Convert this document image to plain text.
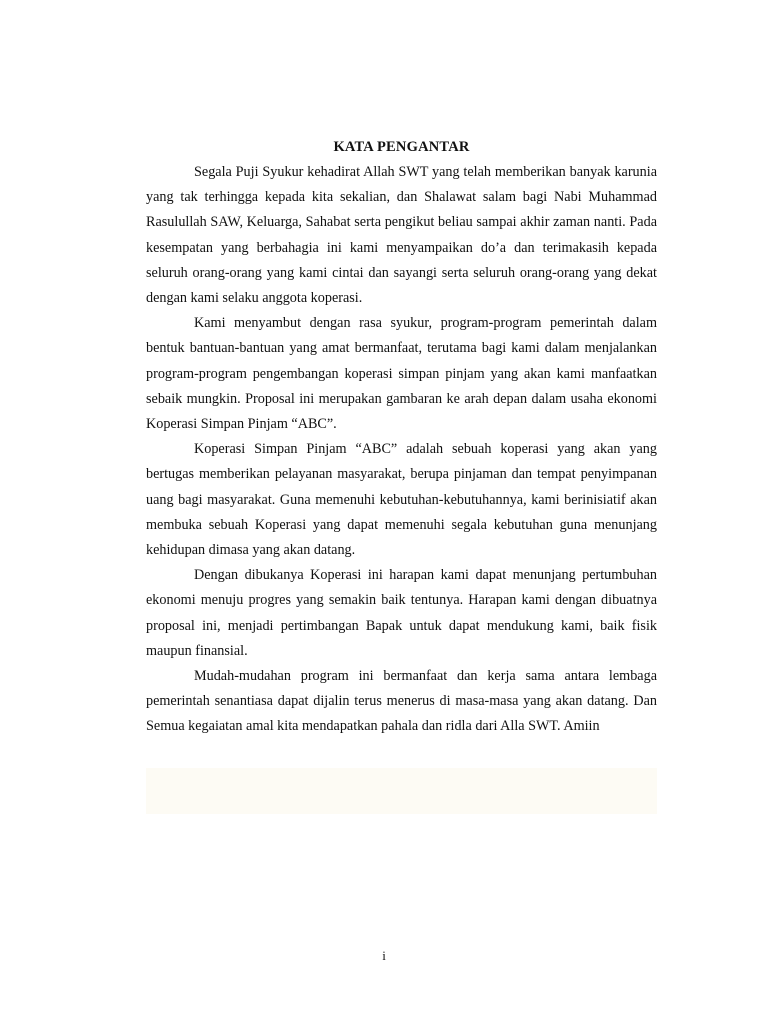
KATA PENGANTAR

Segala Puji Syukur kehadirat Allah SWT yang telah memberikan banyak karunia yang tak terhingga kepada kita sekalian, dan Shalawat salam bagi Nabi Muhammad Rasulullah SAW, Keluarga, Sahabat serta pengikut beliau sampai akhir zaman nanti. Pada kesempatan yang berbahagia ini kami menyampaikan do’a dan terimakasih kepada seluruh orang-orang yang kami cintai dan sayangi serta seluruh orang-orang yang dekat dengan kami selaku anggota koperasi.

Kami menyambut dengan rasa syukur, program-program pemerintah dalam bentuk bantuan-bantuan yang amat bermanfaat, terutama bagi kami dalam menjalankan program-program pengembangan koperasi simpan pinjam yang akan kami manfaatkan sebaik mungkin. Proposal ini merupakan gambaran ke arah depan dalam usaha ekonomi Koperasi Simpan Pinjam “ABC”.

Koperasi Simpan Pinjam “ABC” adalah sebuah koperasi yang akan yang bertugas memberikan pelayanan masyarakat, berupa pinjaman dan tempat penyimpanan uang bagi masyarakat. Guna memenuhi kebutuhan-kebutuhannya, kami berinisiatif akan membuka sebuah Koperasi yang dapat memenuhi segala kebutuhan guna menunjang kehidupan dimasa yang akan datang.

Dengan dibukanya Koperasi ini harapan kami dapat menunjang pertumbuhan ekonomi menuju progres yang semakin baik tentunya. Harapan kami dengan dibuatnya proposal ini, menjadi pertimbangan Bapak untuk dapat mendukung kami, baik fisik maupun finansial.

Mudah-mudahan program ini bermanfaat dan kerja sama antara lembaga pemerintah senantiasa dapat dijalin terus menerus di masa-masa yang akan datang. Dan Semua kegaiatan amal kita mendapatkan pahala dan ridla dari Alla SWT. Amiin

i
